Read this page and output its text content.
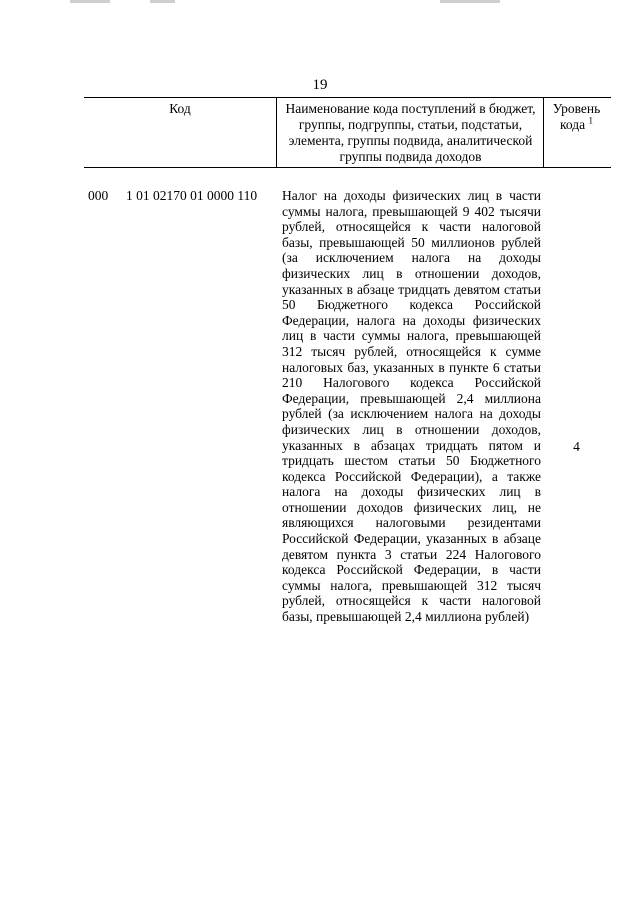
19
Код	Наименование кода поступлений в бюджет, группы, подгруппы, статьи, подстатьи, элемента, группы подвида, аналитической группы подвида доходов
Уровень кода $^1$
000 1 01 02170 01 0000 110 Налог на доходы физических лиц в части суммы налога, превышающей 9 402 тысячи рублей, относящейся к части налоговой базы, превышающей 50 миллионов рублей (за исключением налога на доходы физических лиц в отношении доходов, указанных в абзаце тридцать девятом статьи 50 Бюджетного кодекса Российской Федерации, налога на доходы физических лиц в части суммы налога, превышающей 312 тысяч рублей, относящейся к сумме налоговых баз, указанных в пункте 6 статьи 210 Налогового кодекса Российской Федерации, превышающей 2,4 миллиона рублей (за исключением налога на доходы физических лиц в отношении доходов, указанных в абзацах тридцать пятом и тридцать шестом статьи 50 Бюджетного кодекса Российской Федерации), а также налога на доходы физических лиц в отношении доходов физических лиц, не являющихся налоговыми резидентами Российской Федерации, указанных в абзаце девятом пункта 3 статьи 224 Налогового кодекса Российской Федерации, в части суммы налога, превышающей 312 тысяч рублей, относящейся к части налоговой базы, превышающей 2,4 миллиона рублей)
4
